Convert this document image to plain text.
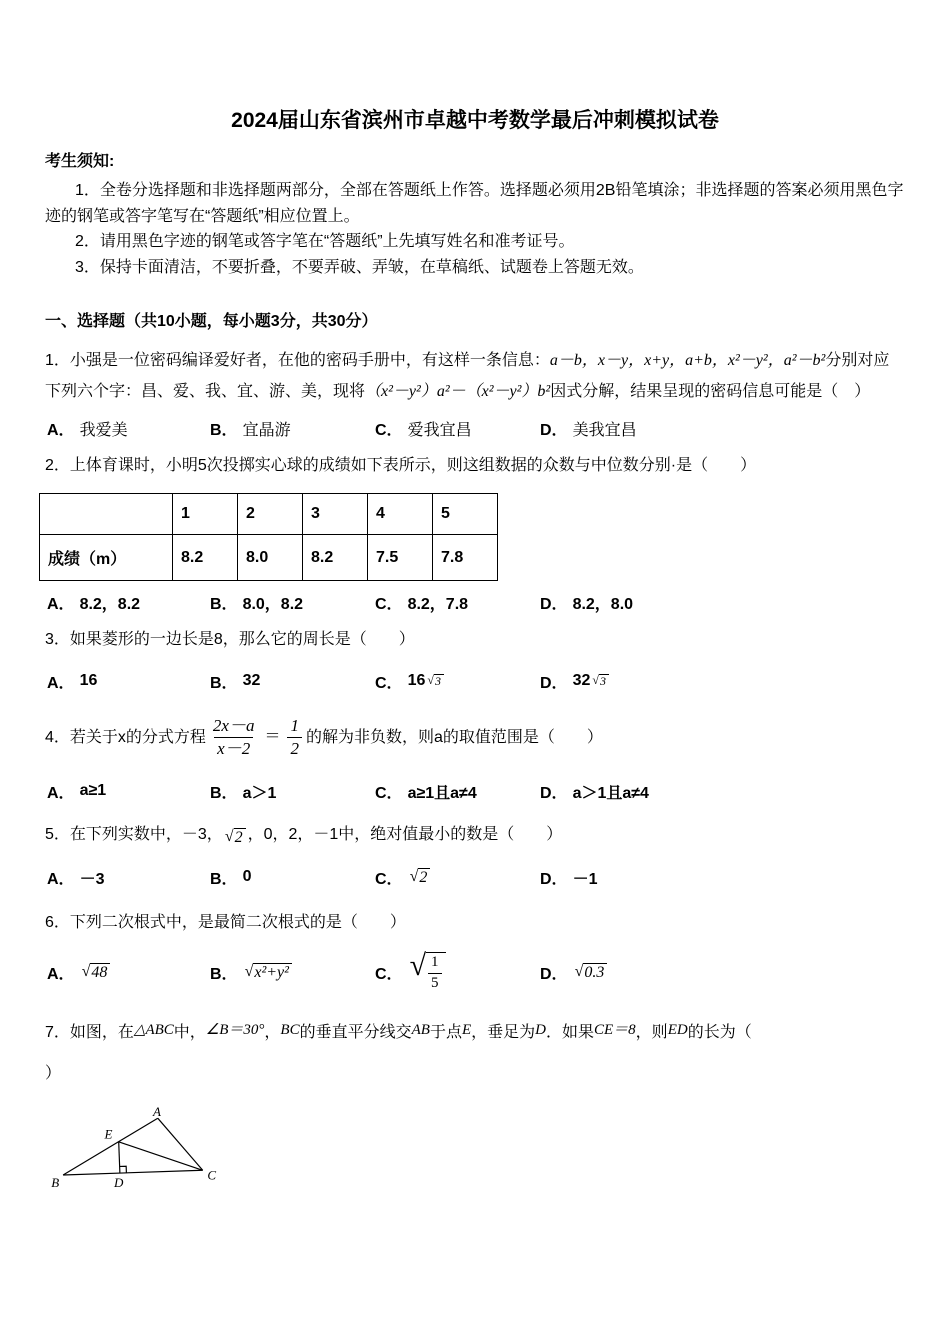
2024届山东省滨州市卓越中考数学最后冲刺模拟试卷

考生须知:

1．全卷分选择题和非选择题两部分，全部在答题纸上作答。选择题必须用2B铅笔填涂；非选择题的答案必须用黑色字迹的钢笔或答字笔写在“答题纸”相应位置上。

2．请用黑色字迹的钢笔或答字笔在“答题纸”上先填写姓名和准考证号。

3．保持卡面清洁，不要折叠，不要弄破、弄皱，在草稿纸、试题卷上答题无效。

一、选择题（共10小题，每小题3分，共30分）

1．小强是一位密码编译爱好者，在他的密码手册中，有这样一条信息：a－b，x－y，x+y，a+b，x²－y²，a²－b²分别对应下列六个字：昌、爱、我、宜、游、美，现将（x²－y²）a²－（x²－y²）b²因式分解，结果呈现的密码信息可能是（　）

A． 我爱美	B． 宜晶游	C． 爱我宜昌	D． 美我宜昌

2．上体育课时，小明5次投掷实心球的成绩如下表所示，则这组数据的众数与中位数分别·是（　　）

	1	2	3	4	5
成绩（m）	8.2	8.0	8.2	7.5	7.8
A． 8.2，8.2	B． 8.0，8.2	C． 8.2，7.8	D． 8.2，8.0

3．如果菱形的一边长是8，那么它的周长是（　　）

A． 16	B． 32	C． 16 $^{√ 3}$	D． 32 $^{√ 3}$

4．若关于x的分式方程 $\frac{2x-a}{x-2} = \frac{1}{2}$ 的解为非负数，则a的取值范围是（　　）

A． a≥1	B． a＞1	C． a≥1且a≠4	D． a＞1且a≠4

5．在下列实数中，－3， √ 2 ，0，2，－1中，绝对值最小的数是（　　）

A． －3	B． 0	C． √ 2	D． －1

6．下列二次根式中，是最简二次根式的是（　　）

A． √ 48	B． √ x²+y²	C． √ $\frac{1}{5}$	D． √ 0.3

7．如图，在△ABC中，∠B＝30°，BC的垂直平分线交AB于点E，垂足为D．如果CE＝8，则ED的长为（

）

A
E
B	D	C
